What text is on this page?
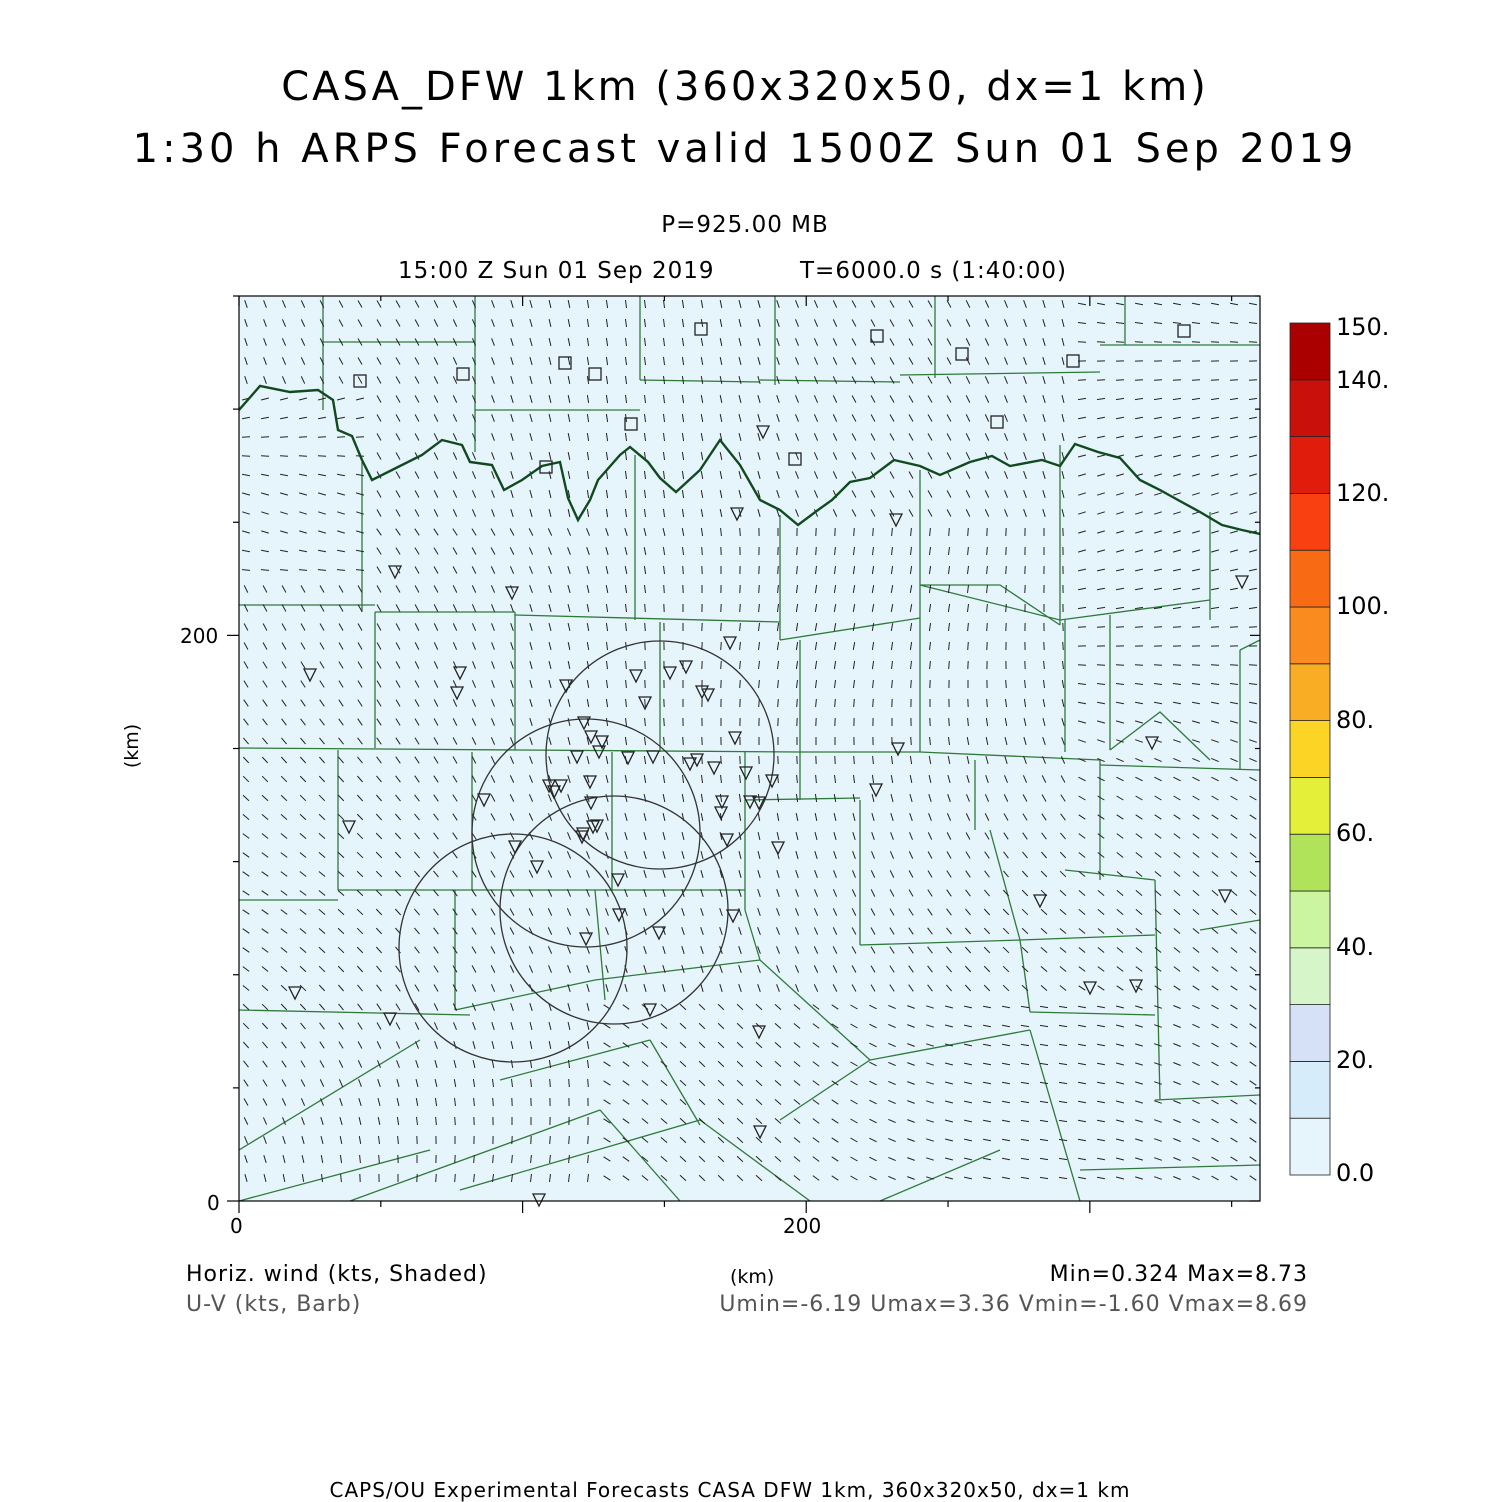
CASA_DFW 1km (360x320x50, dx=1 km)
1:30 h ARPS Forecast valid 1500Z Sun 01 Sep 2019
P=925.00 MB
15:00 Z Sun 01 Sep 2019	T=6000.0 s (1:40:00)
200
0
0	200
(km)
(km)
150.
140.
120.
100.
80.
60.
40.
20.
0.0
Horiz. wind (kts, Shaded)
U-V (kts, Barb)
Min=0.324 Max=8.73
Umin=-6.19 Umax=3.36 Vmin=-1.60 Vmax=8.69
CAPS/OU Experimental Forecasts CASA DFW 1km, 360x320x50, dx=1 km
